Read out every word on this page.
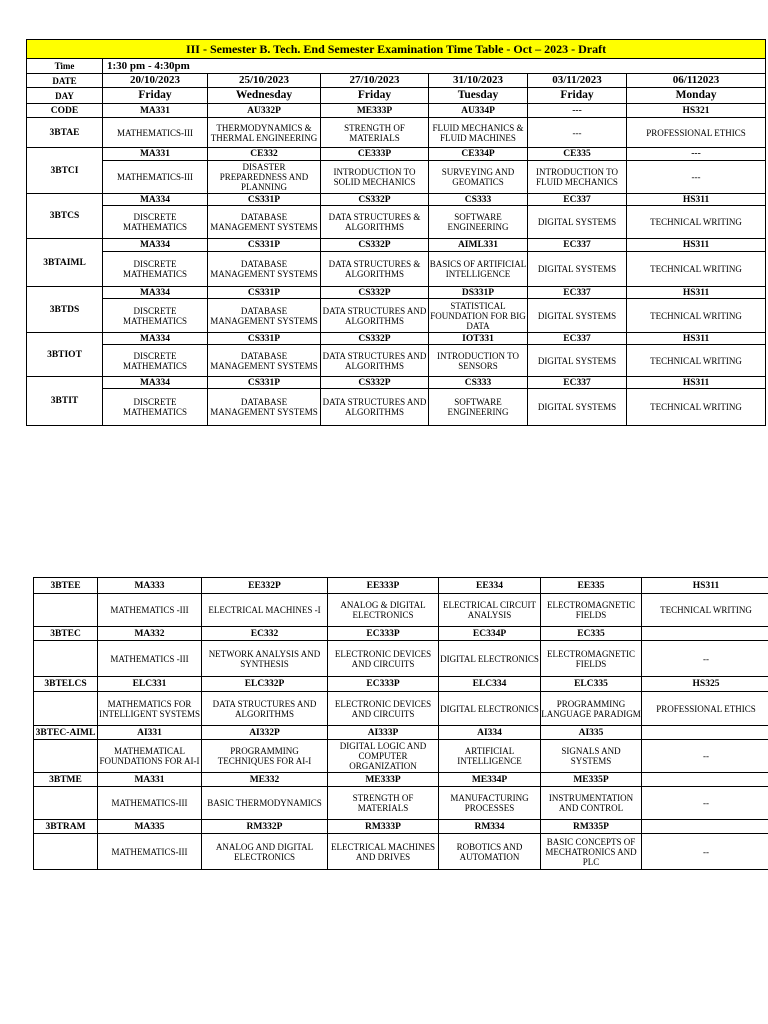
III - Semester B. Tech. End Semester Examination Time Table - Oct – 2023 - Draft						
Time	1:30 pm - 4:30pm					
DATE	20/10/2023	25/10/2023	27/10/2023	31/10/2023	03/11/2023	06/112023
DAY	Friday	Wednesday	Friday	Tuesday	Friday	Monday
CODE	MA331	AU332P	ME333P	AU334P	---	HS321
3BTAE	MATHEMATICS-III	THERMODYNAMICS & THERMAL ENGINEERING	STRENGTH OF MATERIALS	FLUID MECHANICS & FLUID MACHINES	---	PROFESSIONAL ETHICS
3BTCI	MA331	CE332	CE333P	CE334P	CE335	---
	MATHEMATICS-III	DISASTER PREPAREDNESS AND PLANNING	INTRODUCTION TO SOLID MECHANICS	SURVEYING AND GEOMATICS	INTRODUCTION TO FLUID MECHANICS	---
3BTCS	MA334	CS331P	CS332P	CS333	EC337	HS311
	DISCRETE MATHEMATICS	DATABASE MANAGEMENT SYSTEMS	DATA STRUCTURES & ALGORITHMS	SOFTWARE ENGINEERING	DIGITAL SYSTEMS	TECHNICAL WRITING
3BTAIML	MA334	CS331P	CS332P	AIML331	EC337	HS311
	DISCRETE MATHEMATICS	DATABASE MANAGEMENT SYSTEMS	DATA STRUCTURES & ALGORITHMS	BASICS OF ARTIFICIAL INTELLIGENCE	DIGITAL SYSTEMS	TECHNICAL WRITING
3BTDS	MA334	CS331P	CS332P	DS331P	EC337	HS311
	DISCRETE MATHEMATICS	DATABASE MANAGEMENT SYSTEMS	DATA STRUCTURES AND ALGORITHMS	STATISTICAL FOUNDATION FOR BIG DATA	DIGITAL SYSTEMS	TECHNICAL WRITING
3BTIOT	MA334	CS331P	CS332P	IOT331	EC337	HS311
	DISCRETE MATHEMATICS	DATABASE MANAGEMENT SYSTEMS	DATA STRUCTURES AND ALGORITHMS	INTRODUCTION TO SENSORS	DIGITAL SYSTEMS	TECHNICAL WRITING
3BTIT	MA334	CS331P	CS332P	CS333	EC337	HS311
	DISCRETE MATHEMATICS	DATABASE MANAGEMENT SYSTEMS	DATA STRUCTURES AND ALGORITHMS	SOFTWARE ENGINEERING	DIGITAL SYSTEMS	TECHNICAL WRITING
3BTEE	MA333	EE332P	EE333P	EE334	EE335	HS311
	MATHEMATICS -III	ELECTRICAL MACHINES -I	ANALOG & DIGITAL ELECTRONICS	ELECTRICAL CIRCUIT ANALYSIS	ELECTROMAGNETIC FIELDS	TECHNICAL WRITING
3BTEC	MA332	EC332	EC333P	EC334P	EC335	
	MATHEMATICS -III	NETWORK ANALYSIS AND SYNTHESIS	ELECTRONIC DEVICES AND CIRCUITS	DIGITAL ELECTRONICS	ELECTROMAGNETIC FIELDS	--
3BTELCS	ELC331	ELC332P	EC333P	ELC334	ELC335	HS325
	MATHEMATICS FOR INTELLIGENT SYSTEMS	DATA STRUCTURES AND ALGORITHMS	ELECTRONIC DEVICES AND CIRCUITS	DIGITAL ELECTRONICS	PROGRAMMING LANGUAGE PARADIGM	PROFESSIONAL ETHICS
3BTEC-AIML	AI331	AI332P	AI333P	AI334	AI335	
	MATHEMATICAL FOUNDATIONS FOR AI-I	PROGRAMMING TECHNIQUES FOR AI-I	DIGITAL LOGIC AND COMPUTER ORGANIZATION	ARTIFICIAL INTELLIGENCE	SIGNALS AND SYSTEMS	--
3BTME	MA331	ME332	ME333P	ME334P	ME335P	
	MATHEMATICS-III	BASIC THERMODYNAMICS	STRENGTH OF MATERIALS	MANUFACTURING PROCESSES	INSTRUMENTATION AND CONTROL	--
3BTRAM	MA335	RM332P	RM333P	RM334	RM335P	
	MATHEMATICS-III	ANALOG AND DIGITAL ELECTRONICS	ELECTRICAL MACHINES AND DRIVES	ROBOTICS AND AUTOMATION	BASIC CONCEPTS OF MECHATRONICS AND PLC	--
